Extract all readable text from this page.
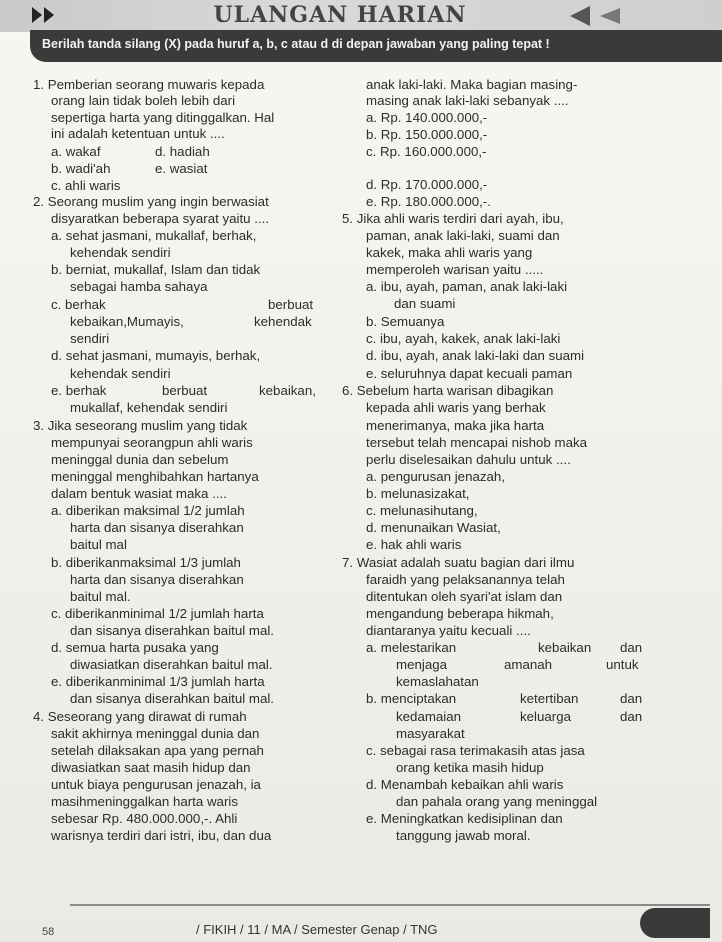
ULANGAN HARIAN
Berilah tanda silang (X) pada huruf a, b, c atau d di depan jawaban yang paling tepat !
1. Pemberian seorang muwaris kepada
orang lain tidak boleh lebih dari
sepertiga harta yang ditinggalkan. Hal
ini adalah ketentuan untuk ....
a. wakaf	d. hadiah
b. wadi'ah	e. wasiat
c. ahli waris
2. Seorang muslim yang ingin berwasiat
disyaratkan beberapa syarat yaitu ....
a. sehat jasmani, mukallaf, berhak,
kehendak sendiri
b. berniat, mukallaf, Islam dan tidak
sebagai hamba sahaya
c. berhak	berbuat
kebaikan,Mumayis,	kehendak
sendiri
d. sehat jasmani, mumayis, berhak,
kehendak sendiri
e. berhak	berbuat	kebaikan,
mukallaf, kehendak sendiri
3. Jika seseorang muslim yang tidak
mempunyai seorangpun ahli waris
meninggal dunia dan sebelum
meninggal menghibahkan hartanya
dalam bentuk wasiat maka ....
a. diberikan maksimal 1/2 jumlah
harta dan sisanya diserahkan
baitul mal
b. diberikanmaksimal 1/3 jumlah
harta dan sisanya diserahkan
baitul mal.
c. diberikanminimal 1/2 jumlah harta
dan sisanya diserahkan baitul mal.
d. semua harta pusaka yang
diwasiatkan diserahkan baitul mal.
e. diberikanminimal 1/3 jumlah harta
dan sisanya diserahkan baitul mal.
4. Seseorang yang dirawat di rumah
sakit akhirnya meninggal dunia dan
setelah dilaksakan apa yang pernah
diwasiatkan saat masih hidup dan
untuk biaya pengurusan jenazah, ia
masihmeninggalkan harta waris
sebesar Rp. 480.000.000,-. Ahli
warisnya terdiri dari istri, ibu, dan dua
anak laki-laki. Maka bagian masing-
masing anak laki-laki sebanyak ....
a. Rp. 140.000.000,-
b. Rp. 150.000.000,-
c. Rp. 160.000.000,-
d. Rp. 170.000.000,-
e. Rp. 180.000.000,-.
5. Jika ahli waris terdiri dari ayah, ibu,
paman, anak laki-laki, suami dan
kakek, maka ahli waris yang
memperoleh warisan yaitu .....
a. ibu, ayah, paman, anak laki-laki
dan suami
b. Semuanya
c. ibu, ayah, kakek, anak laki-laki
d. ibu, ayah, anak laki-laki dan suami
e. seluruhnya dapat kecuali paman
6. Sebelum harta warisan dibagikan
kepada ahli waris yang berhak
menerimanya, maka jika harta
tersebut telah mencapai nishob maka
perlu diselesaikan dahulu untuk ....
a. pengurusan jenazah,
b. melunasizakat,
c. melunasihutang,
d. menunaikan Wasiat,
e. hak ahli waris
7. Wasiat adalah suatu bagian dari ilmu
faraidh yang pelaksanannya telah
ditentukan oleh syari'at islam dan
mengandung beberapa hikmah,
diantaranya yaitu kecuali ....
a. melestarikan	kebaikan dan
menjaga	amanah	untuk
kemaslahatan
b. menciptakan	ketertiban	dan
kedamaian	keluarga	dan
masyarakat
c. sebagai rasa terimakasih atas jasa
orang ketika masih hidup
d. Menambah kebaikan ahli waris
dan pahala orang yang meninggal
e. Meningkatkan kedisiplinan dan
tanggung jawab moral.
58	/ FIKIH / 11 / MA / Semester Genap / TNG
